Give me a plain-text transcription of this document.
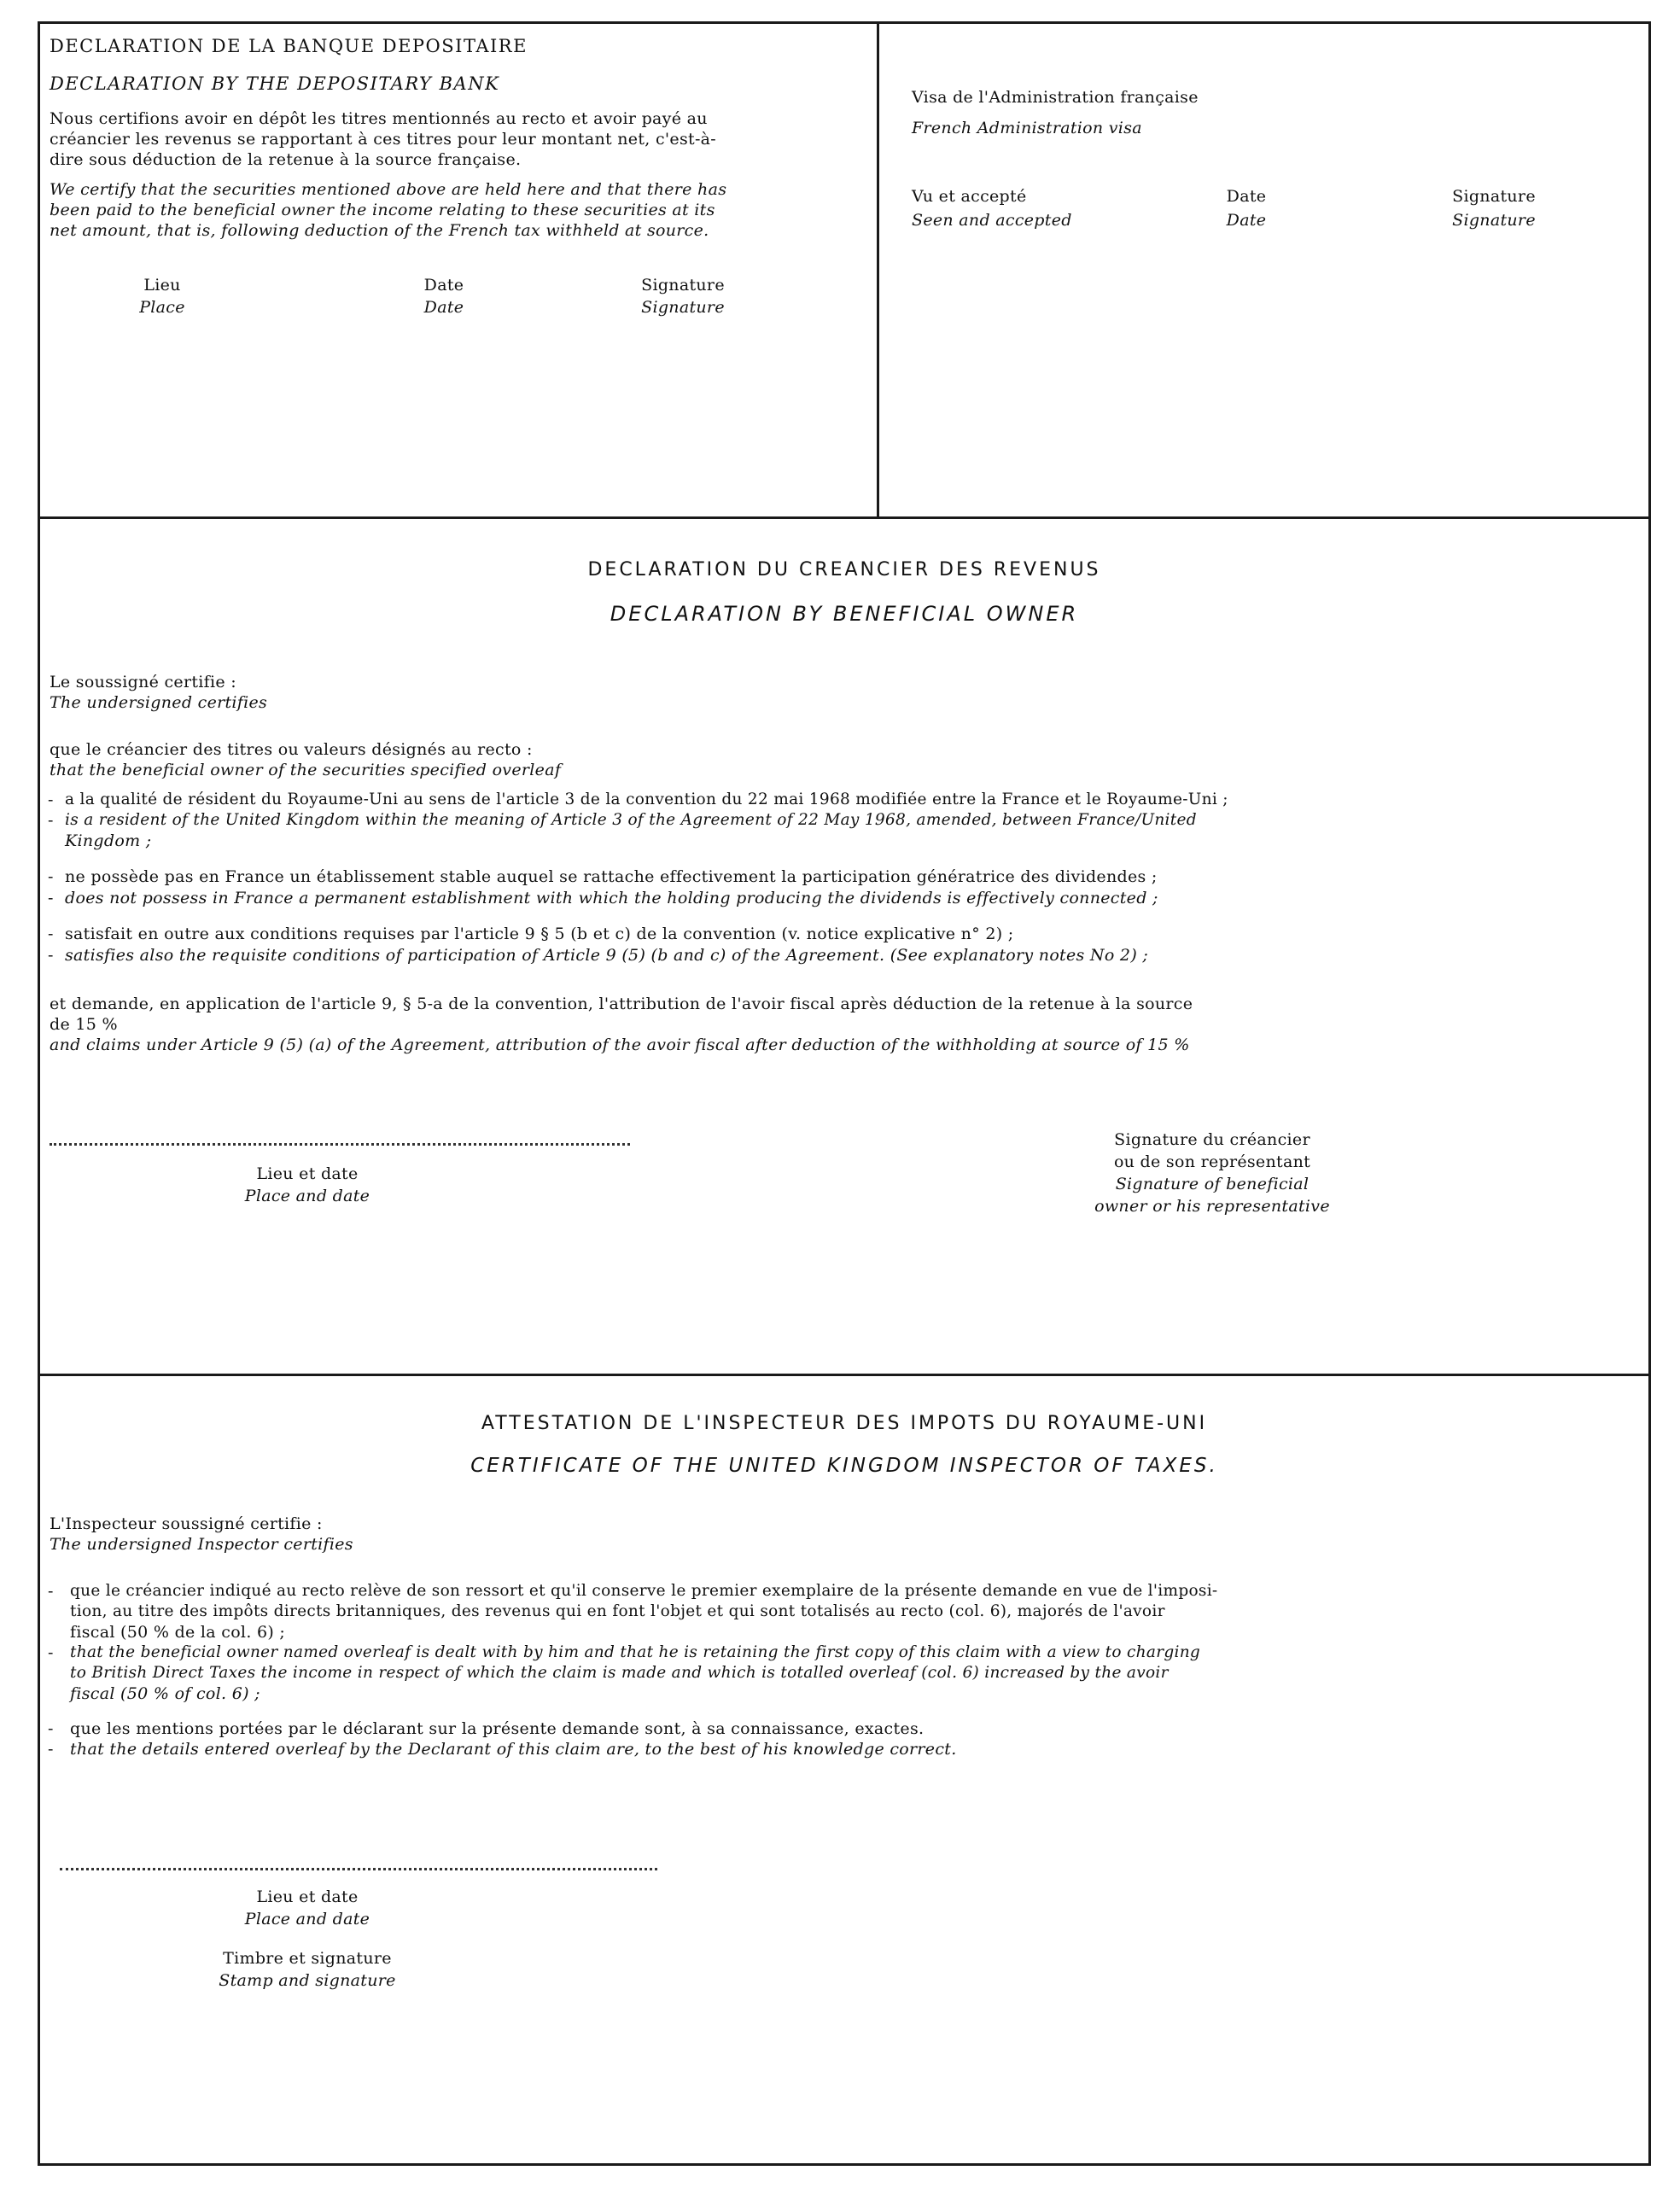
DECLARATION DE LA BANQUE DEPOSITAIRE
DECLARATION BY THE DEPOSITARY BANK
Nous certifions avoir en dépôt les titres mentionnés au recto et avoir payé au
créancier les revenus se rapportant à ces titres pour leur montant net, c'est-à-
dire sous déduction de la retenue à la source française.
We certify that the securities mentioned above are held here and that there has
been paid to the beneficial owner the income relating to these securities at its
net amount, that is, following deduction of the French tax withheld at source.
Lieu
Place
Date
Date
Signature
Signature
Visa de l'Administration française
French Administration visa
Vu et accepté
Seen and accepted
Date
Date
Signature
Signature
DECLARATION DU CREANCIER DES REVENUS
DECLARATION BY BENEFICIAL OWNER
Le soussigné certifie :
The undersigned certifies
que le créancier des titres ou valeurs désignés au recto :
that the beneficial owner of the securities specified overleaf
- a la qualité de résident du Royaume-Uni au sens de l'article 3 de la convention du 22 mai 1968 modifiée entre la France et le Royaume-Uni ;
- is a resident of the United Kingdom within the meaning of Article 3 of the Agreement of 22 May 1968, amended, between France/United
Kingdom ;
- ne possède pas en France un établissement stable auquel se rattache effectivement la participation génératrice des dividendes ;
- does not possess in France a permanent establishment with which the holding producing the dividends is effectively connected ;
- satisfait en outre aux conditions requises par l'article 9 § 5 (b et c) de la convention (v. notice explicative n° 2) ;
- satisfies also the requisite conditions of participation of Article 9 (5) (b and c) of the Agreement. (See explanatory notes No 2) ;
et demande, en application de l'article 9, § 5-a de la convention, l'attribution de l'avoir fiscal après déduction de la retenue à la source
de 15 %
and claims under Article 9 (5) (a) of the Agreement, attribution of the avoir fiscal after deduction of the withholding at source of 15 %
Lieu et date
Place and date
Signature du créancier
ou de son représentant
Signature of beneficial
owner or his representative
ATTESTATION DE L'INSPECTEUR DES IMPOTS DU ROYAUME-UNI
CERTIFICATE OF THE UNITED KINGDOM INSPECTOR OF TAXES.
L'Inspecteur soussigné certifie :
The undersigned Inspector certifies
- que le créancier indiqué au recto relève de son ressort et qu'il conserve le premier exemplaire de la présente demande en vue de l'imposi-
tion, au titre des impôts directs britanniques, des revenus qui en font l'objet et qui sont totalisés au recto (col. 6), majorés de l'avoir
fiscal (50 % de la col. 6) ;
- that the beneficial owner named overleaf is dealt with by him and that he is retaining the first copy of this claim with a view to charging
to British Direct Taxes the income in respect of which the claim is made and which is totalled overleaf (col. 6) increased by the avoir
fiscal (50 % of col. 6) ;
- que les mentions portées par le déclarant sur la présente demande sont, à sa connaissance, exactes.
- that the details entered overleaf by the Declarant of this claim are, to the best of his knowledge correct.
Lieu et date
Place and date
Timbre et signature
Stamp and signature
